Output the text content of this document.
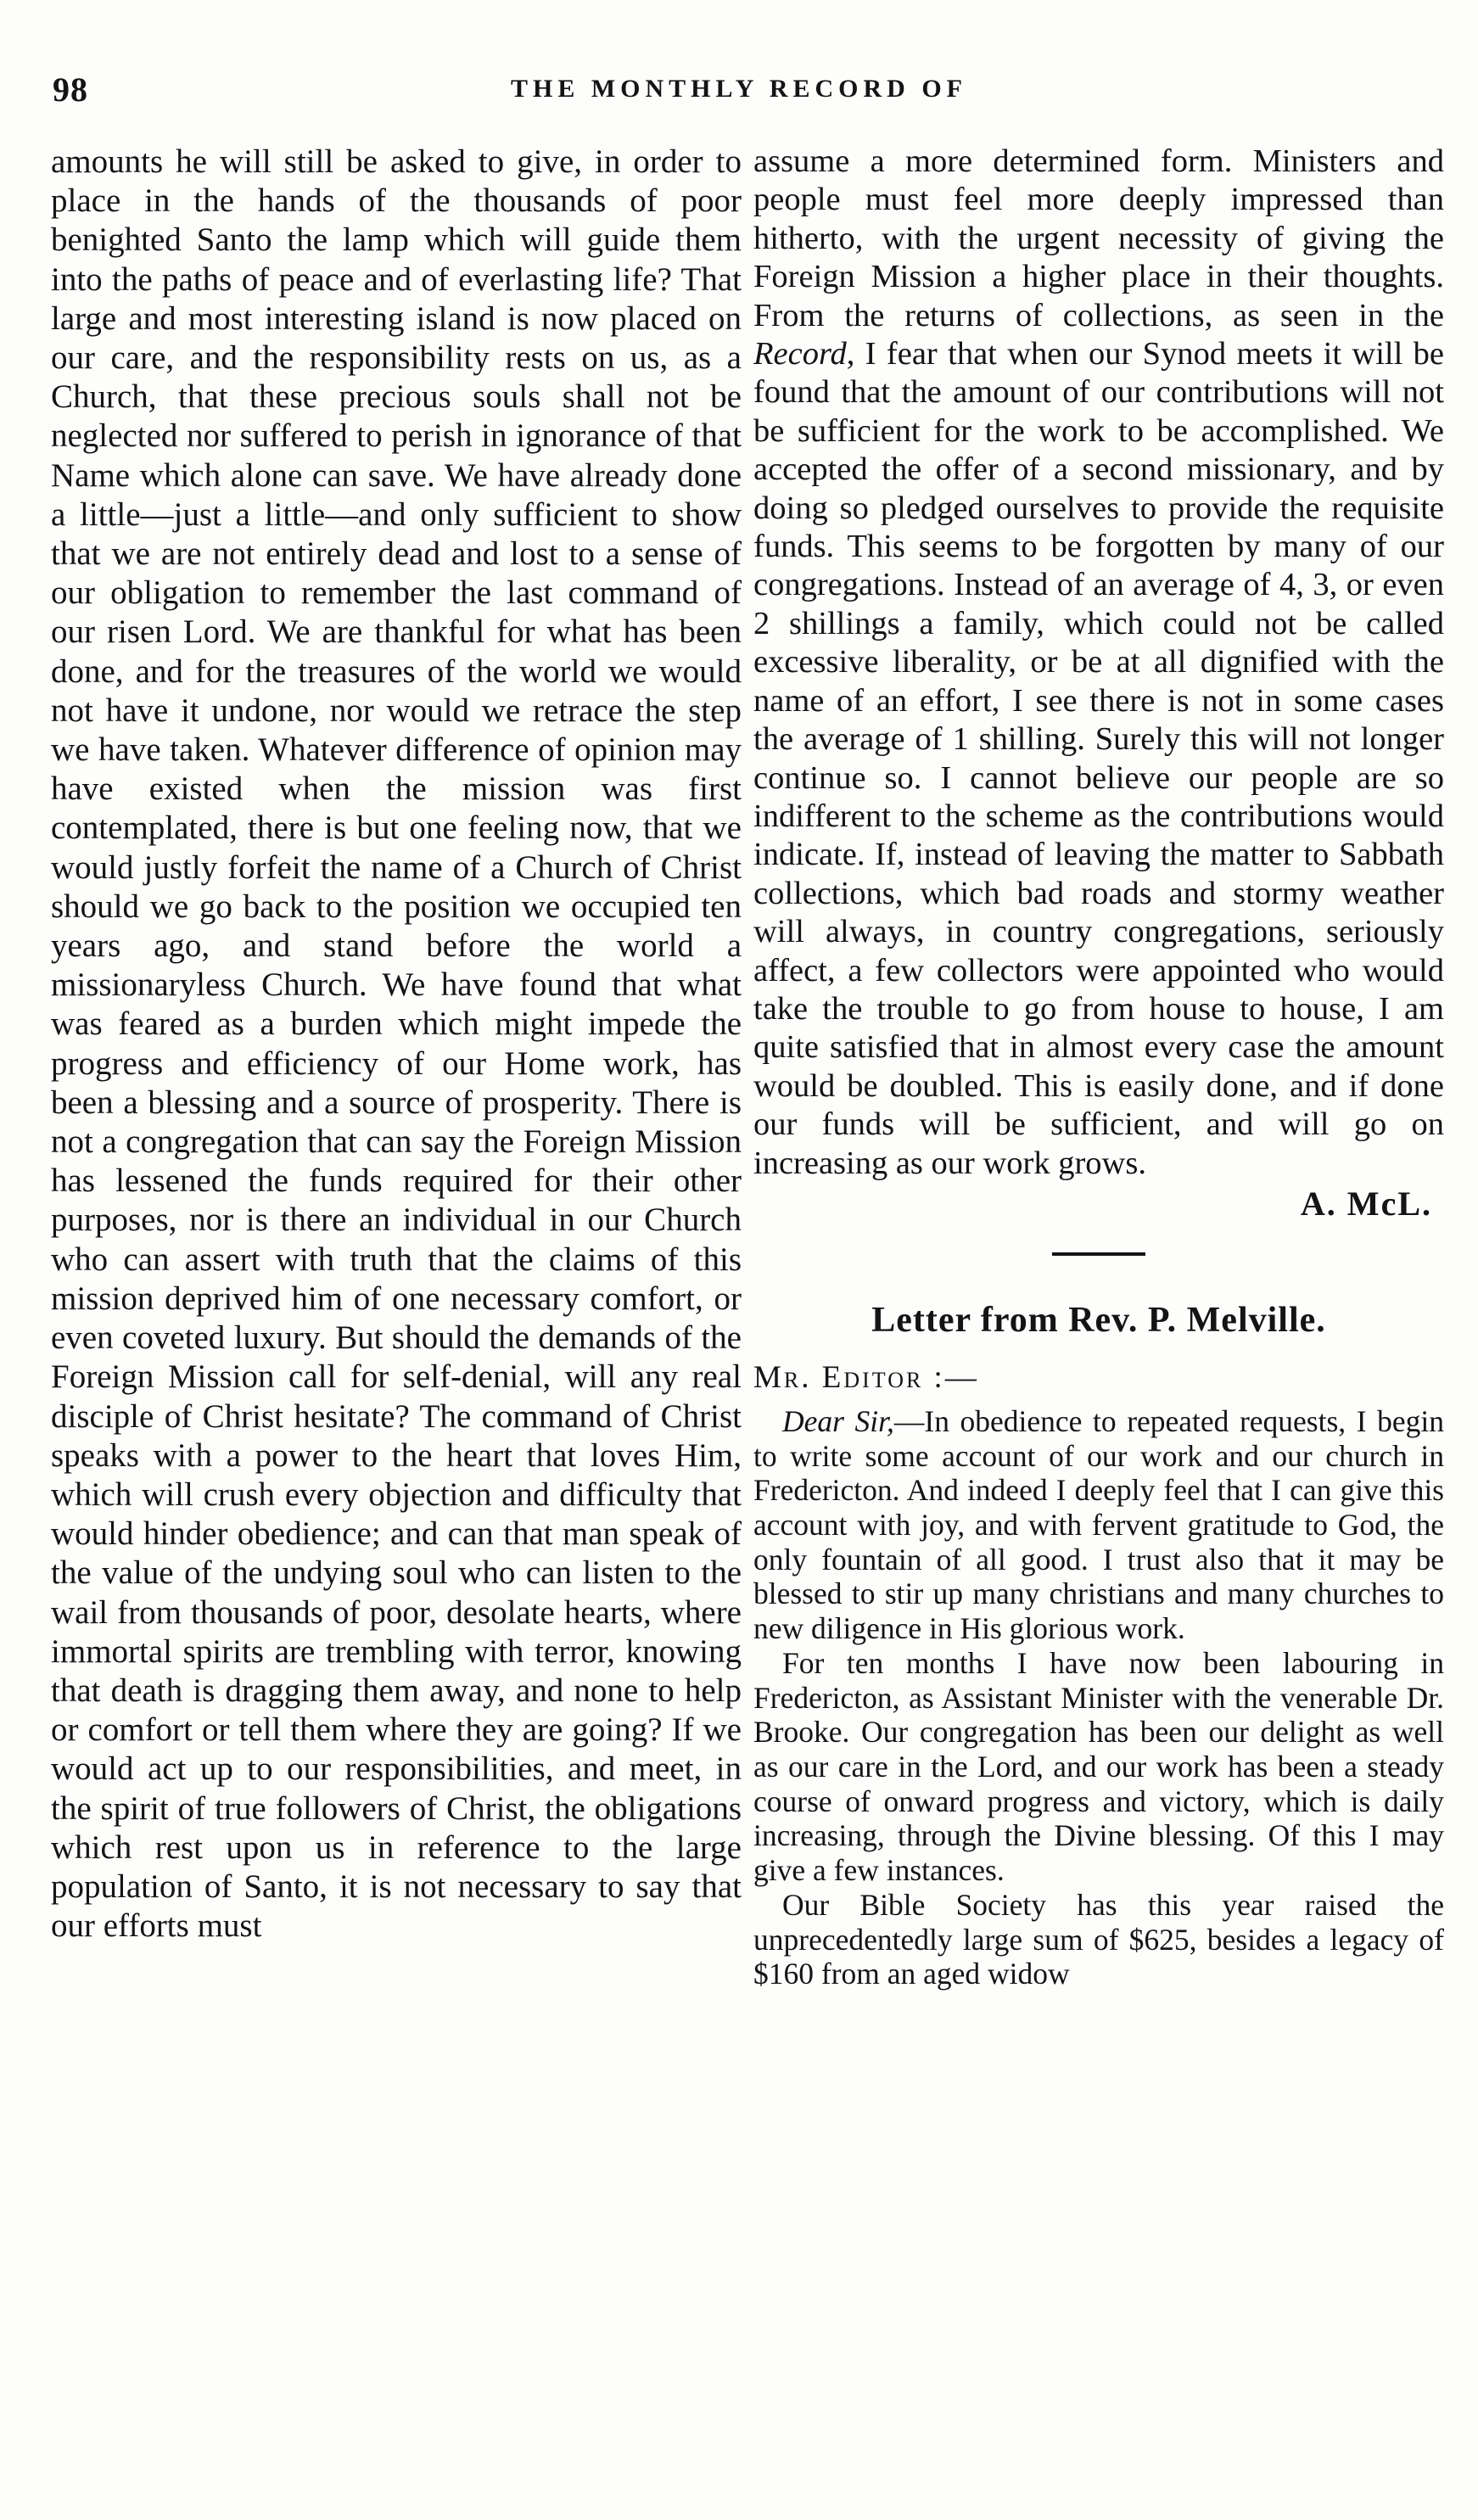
98	THE MONTHLY RECORD OF

amounts he will still be asked to give, in order to place in the hands of the thousands of poor benighted Santo the lamp which will guide them into the paths of peace and of everlasting life? That large and most interesting island is now placed on our care, and the responsibility rests on us, as a Church, that these precious souls shall not be neglected nor suffered to perish in ignorance of that Name which alone can save. We have already done a little—just a little—and only sufficient to show that we are not entirely dead and lost to a sense of our obligation to remember the last command of our risen Lord. We are thankful for what has been done, and for the treasures of the world we would not have it undone, nor would we retrace the step we have taken. Whatever difference of opinion may have existed when the mission was first contemplated, there is but one feeling now, that we would justly forfeit the name of a Church of Christ should we go back to the position we occupied ten years ago, and stand before the world a missionaryless Church. We have found that what was feared as a burden which might impede the progress and efficiency of our Home work, has been a blessing and a source of prosperity. There is not a congregation that can say the Foreign Mission has lessened the funds required for their other purposes, nor is there an individual in our Church who can assert with truth that the claims of this mission deprived him of one necessary comfort, or even coveted luxury. But should the demands of the Foreign Mission call for self-denial, will any real disciple of Christ hesitate? The command of Christ speaks with a power to the heart that loves Him, which will crush every objection and difficulty that would hinder obedience; and can that man speak of the value of the undying soul who can listen to the wail from thousands of poor, desolate hearts, where immortal spirits are trembling with terror, knowing that death is dragging them away, and none to help or comfort or tell them where they are going? If we would act up to our responsibilities, and meet, in the spirit of true followers of Christ, the obligations which rest upon us in reference to the large population of Santo, it is not necessary to say that our efforts must

assume a more determined form. Ministers and people must feel more deeply impressed than hitherto, with the urgent necessity of giving the Foreign Mission a higher place in their thoughts. From the returns of collections, as seen in the Record, I fear that when our Synod meets it will be found that the amount of our contributions will not be sufficient for the work to be accomplished. We accepted the offer of a second missionary, and by doing so pledged ourselves to provide the requisite funds. This seems to be forgotten by many of our congregations. Instead of an average of 4, 3, or even 2 shillings a family, which could not be called excessive liberality, or be at all dignified with the name of an effort, I see there is not in some cases the average of 1 shilling. Surely this will not longer continue so. I cannot believe our people are so indifferent to the scheme as the contributions would indicate. If, instead of leaving the matter to Sabbath collections, which bad roads and stormy weather will always, in country congregations, seriously affect, a few collectors were appointed who would take the trouble to go from house to house, I am quite satisfied that in almost every case the amount would be doubled. This is easily done, and if done our funds will be sufficient, and will go on increasing as our work grows.

A. McL.
Letter from Rev. P. Melville.
Mr. Editor :—

Dear Sir,—In obedience to repeated requests, I begin to write some account of our work and our church in Fredericton. And indeed I deeply feel that I can give this account with joy, and with fervent gratitude to God, the only fountain of all good. I trust also that it may be blessed to stir up many christians and many churches to new diligence in His glorious work.

For ten months I have now been labouring in Fredericton, as Assistant Minister with the venerable Dr. Brooke. Our congregation has been our delight as well as our care in the Lord, and our work has been a steady course of onward progress and victory, which is daily increasing, through the Divine blessing. Of this I may give a few instances.

Our Bible Society has this year raised the unprecedentedly large sum of $625, besides a legacy of $160 from an aged widow
